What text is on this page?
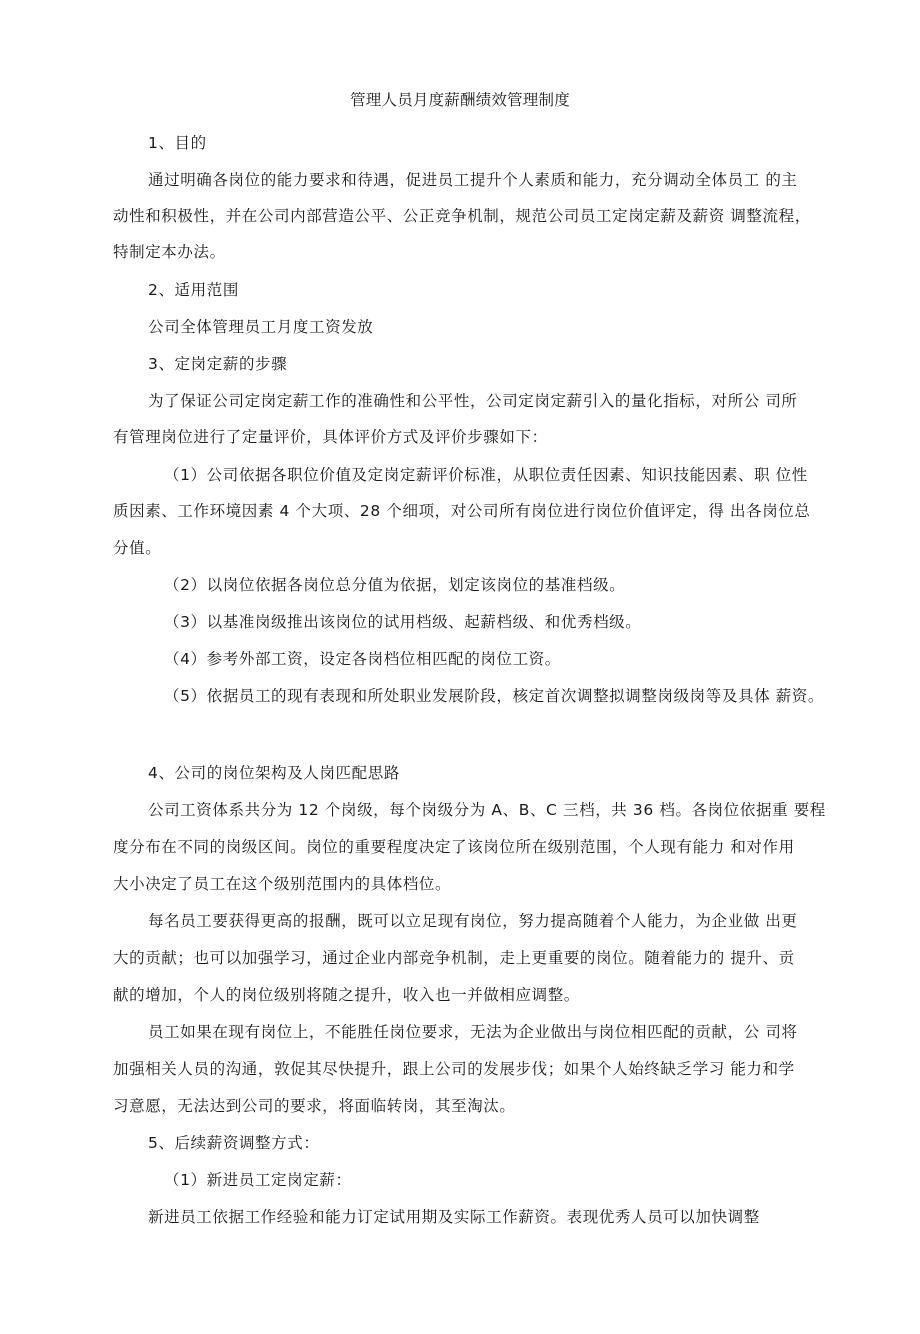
管理人员月度薪酬绩效管理制度
1、目的
通过明确各岗位的能力要求和待遇，促进员工提升个人素质和能力，充分调动全体员工 的主
动性和积极性，并在公司内部营造公平、公正竞争机制，规范公司员工定岗定薪及薪资 调整流程，
特制定本办法。
2、适用范围
公司全体管理员工月度工资发放
3、定岗定薪的步骤
为了保证公司定岗定薪工作的准确性和公平性，公司定岗定薪引入的量化指标，对所公 司所
有管理岗位进行了定量评价，具体评价方式及评价步骤如下：
（1）公司依据各职位价值及定岗定薪评价标准，从职位责任因素、知识技能因素、职 位性
质因素、工作环境因素 4 个大项、28 个细项，对公司所有岗位进行岗位价值评定，得 出各岗位总
分值。
（2）以岗位依据各岗位总分值为依据，划定该岗位的基准档级。
（3）以基准岗级推出该岗位的试用档级、起薪档级、和优秀档级。
（4）参考外部工资，设定各岗档位相匹配的岗位工资。
（5）依据员工的现有表现和所处职业发展阶段，核定首次调整拟调整岗级岗等及具体 薪资。
4、公司的岗位架构及人岗匹配思路
公司工资体系共分为 12 个岗级，每个岗级分为 A、B、C 三档，共 36 档。各岗位依据重 要程
度分布在不同的岗级区间。岗位的重要程度决定了该岗位所在级别范围，个人现有能力 和对作用
大小决定了员工在这个级别范围内的具体档位。
每名员工要获得更高的报酬，既可以立足现有岗位，努力提高随着个人能力，为企业做 出更
大的贡献；也可以加强学习，通过企业内部竞争机制，走上更重要的岗位。随着能力的 提升、贡
献的增加，个人的岗位级别将随之提升，收入也一并做相应调整。
员工如果在现有岗位上，不能胜任岗位要求，无法为企业做出与岗位相匹配的贡献，公 司将
加强相关人员的沟通，敦促其尽快提升，跟上公司的发展步伐；如果个人始终缺乏学习 能力和学
习意愿，无法达到公司的要求，将面临转岗，其至淘汰。
5、后续薪资调整方式：
（1）新进员工定岗定薪：
新进员工依据工作经验和能力订定试用期及实际工作薪资。表现优秀人员可以加快调整
